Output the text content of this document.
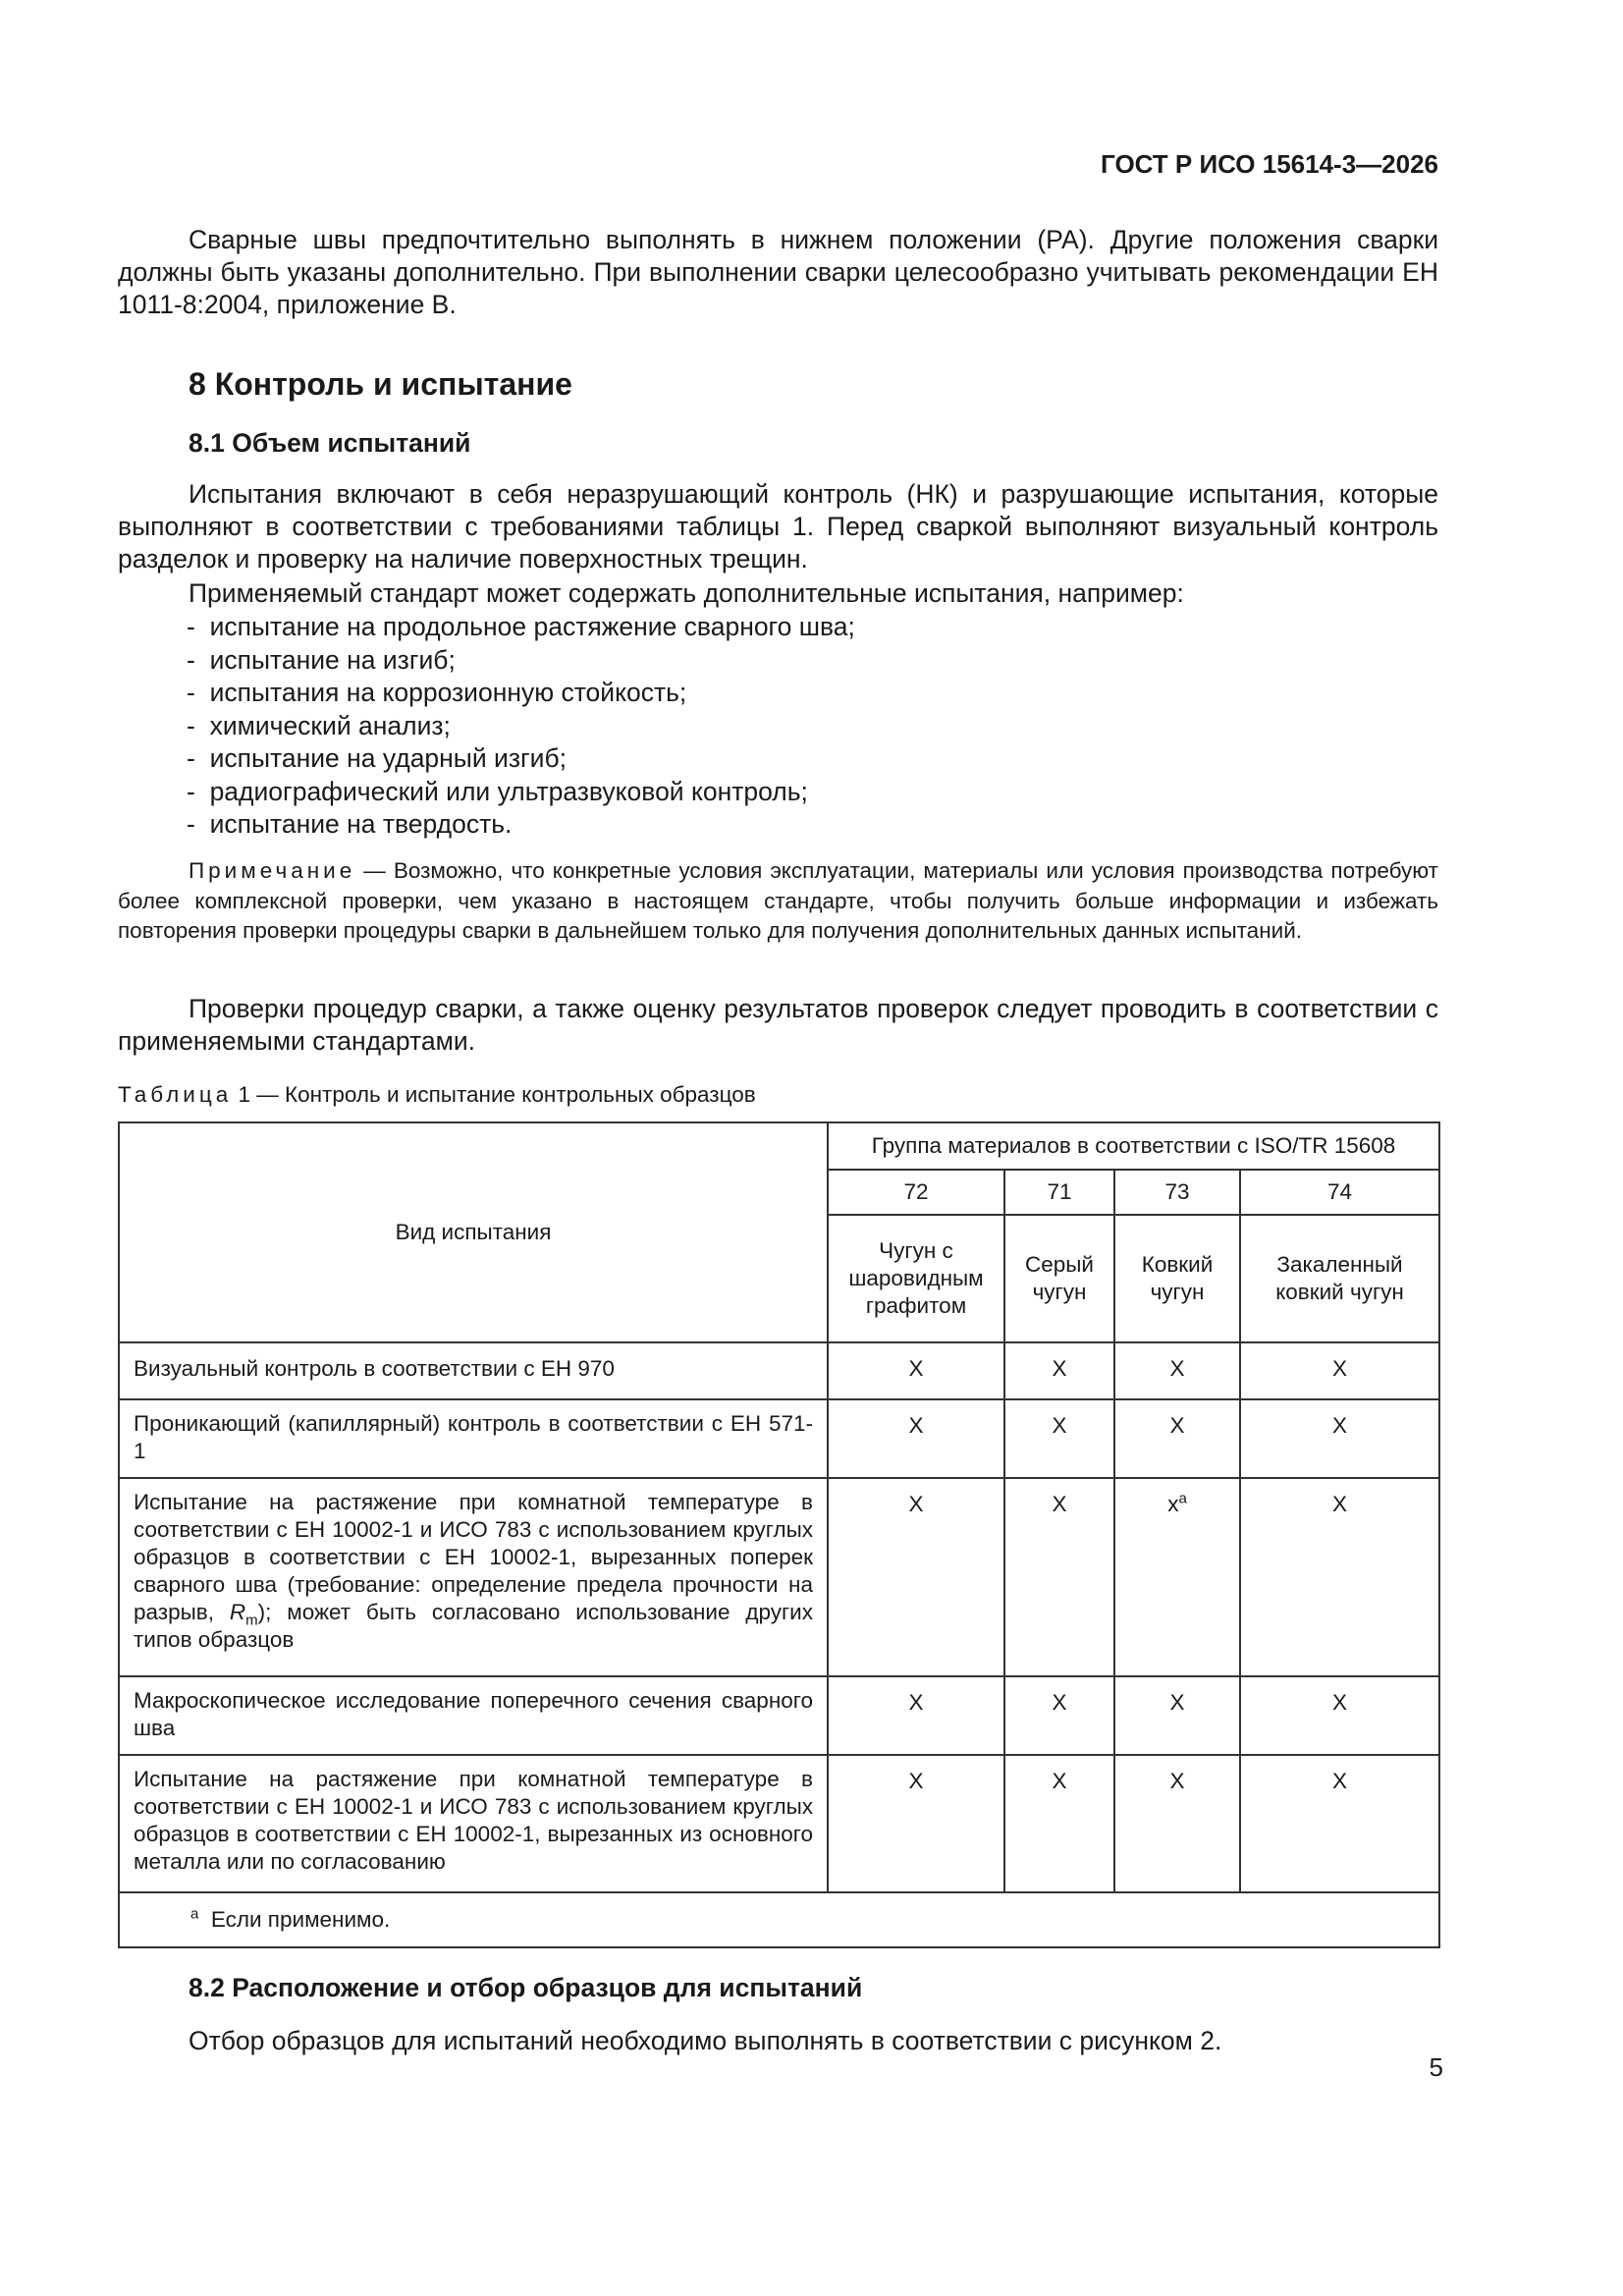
ГОСТ Р ИСО 15614-3—2026
Сварные швы предпочтительно выполнять в нижнем положении (РА). Другие положения сварки должны быть указаны дополнительно. При выполнении сварки целесообразно учитывать рекомендации ЕН 1011-8:2004, приложение В.
8 Контроль и испытание
8.1 Объем испытаний
Испытания включают в себя неразрушающий контроль (НК) и разрушающие испытания, которые выполняют в соответствии с требованиями таблицы 1. Перед сваркой выполняют визуальный контроль разделок и проверку на наличие поверхностных трещин.
Применяемый стандарт может содержать дополнительные испытания, например:
-  испытание на продольное растяжение сварного шва;
-  испытание на изгиб;
-  испытания на коррозионную стойкость;
-  химический анализ;
-  испытание на ударный изгиб;
-  радиографический или ультразвуковой контроль;
-  испытание на твердость.
Примечание — Возможно, что конкретные условия эксплуатации, материалы или условия производства потребуют более комплексной проверки, чем указано в настоящем стандарте, чтобы получить больше информации и избежать повторения проверки процедуры сварки в дальнейшем только для получения дополнительных данных испытаний.
Проверки процедур сварки, а также оценку результатов проверок следует проводить в соответствии с применяемыми стандартами.
Таблица 1 — Контроль и испытание контрольных образцов
Вид испытания	Группа материалов в соответствии с ISO/TR 15608			
	72	71	73	74
	Чугун с шаровидным графитом	Серый чугун	Ковкий чугун	Закаленный ковкий чугун
Визуальный контроль в соответствии с ЕН 970	X	X	X	X
Проникающий (капиллярный) контроль в соответствии с ЕН 571-1	X	X	X	X
Испытание на растяжение при комнатной температуре в соответствии с ЕН 10002-1 и ИСО 783 с использованием круглых образцов в соответствии с ЕН 10002-1, вырезанных поперек сварного шва (требование: определение предела прочности на разрыв, $R_m$); может быть согласовано использование других типов образцов	X	X	$x^a$	X
Макроскопическое исследование поперечного сечения сварного шва	X	X	X	X
Испытание на растяжение при комнатной температуре в соответствии с ЕН 10002-1 и ИСО 783 с использованием круглых образцов в соответствии с ЕН 10002-1, вырезанных из основного металла или по согласованию	X	X	X	X
$^a$ Если применимо.				
8.2 Расположение и отбор образцов для испытаний
Отбор образцов для испытаний необходимо выполнять в соответствии с рисунком 2.
5
